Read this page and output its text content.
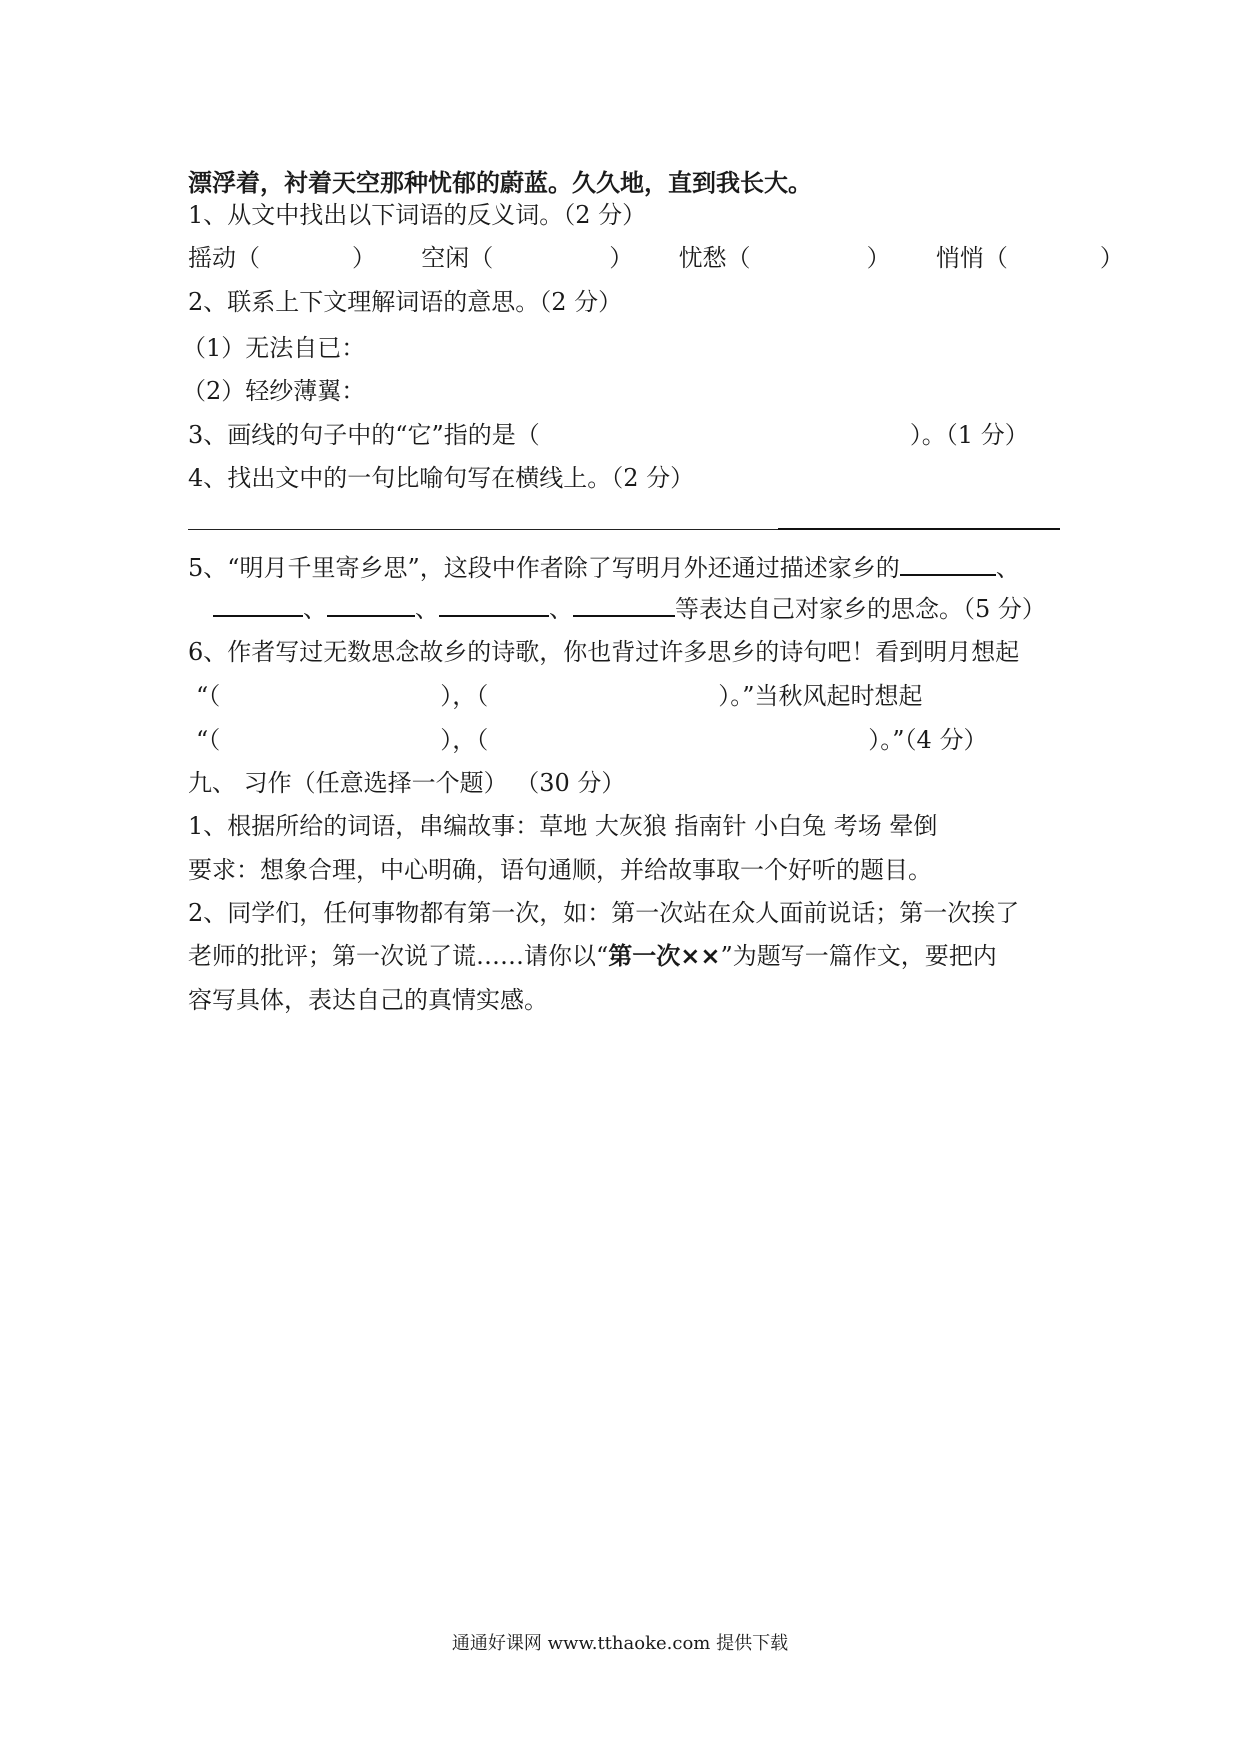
漂浮着，衬着天空那种忧郁的蔚蓝。久久地，直到我长大。
1、从文中找出以下词语的反义词。（2 分）
摇动（	） 空闲（	） 忧愁（	） 悄悄（	）
2、联系上下文理解词语的意思。（2 分）
（1）无法自已：
（2）轻纱薄翼：
3、画线的句子中的“它”指的是（	）。（1 分）
4、找出文中的一句比喻句写在横线上。（2 分）
5、“明月千里寄乡思”，这段中作者除了写明月外还通过描述家乡的	、
、	、	、	等表达自己对家乡的思念。（5 分）
6、作者写过无数思念故乡的诗歌，你也背过许多思乡的诗句吧！看到明月想起
“（	），（	）。”当秋风起时想起
“（	），（	）。”（4 分）
九、 习作（任意选择一个题） （30 分）
1、根据所给的词语，串编故事：草地 大灰狼 指南针 小白兔 考场 晕倒
要求：想象合理，中心明确，语句通顺，并给故事取一个好听的题目。
2、同学们，任何事物都有第一次，如：第一次站在众人面前说话；第一次挨了
老师的批评；第一次说了谎……请你以“第一次××”为题写一篇作文，要把内
容写具体，表达自己的真情实感。
通通好课网 www.tthaoke.com 提供下载
